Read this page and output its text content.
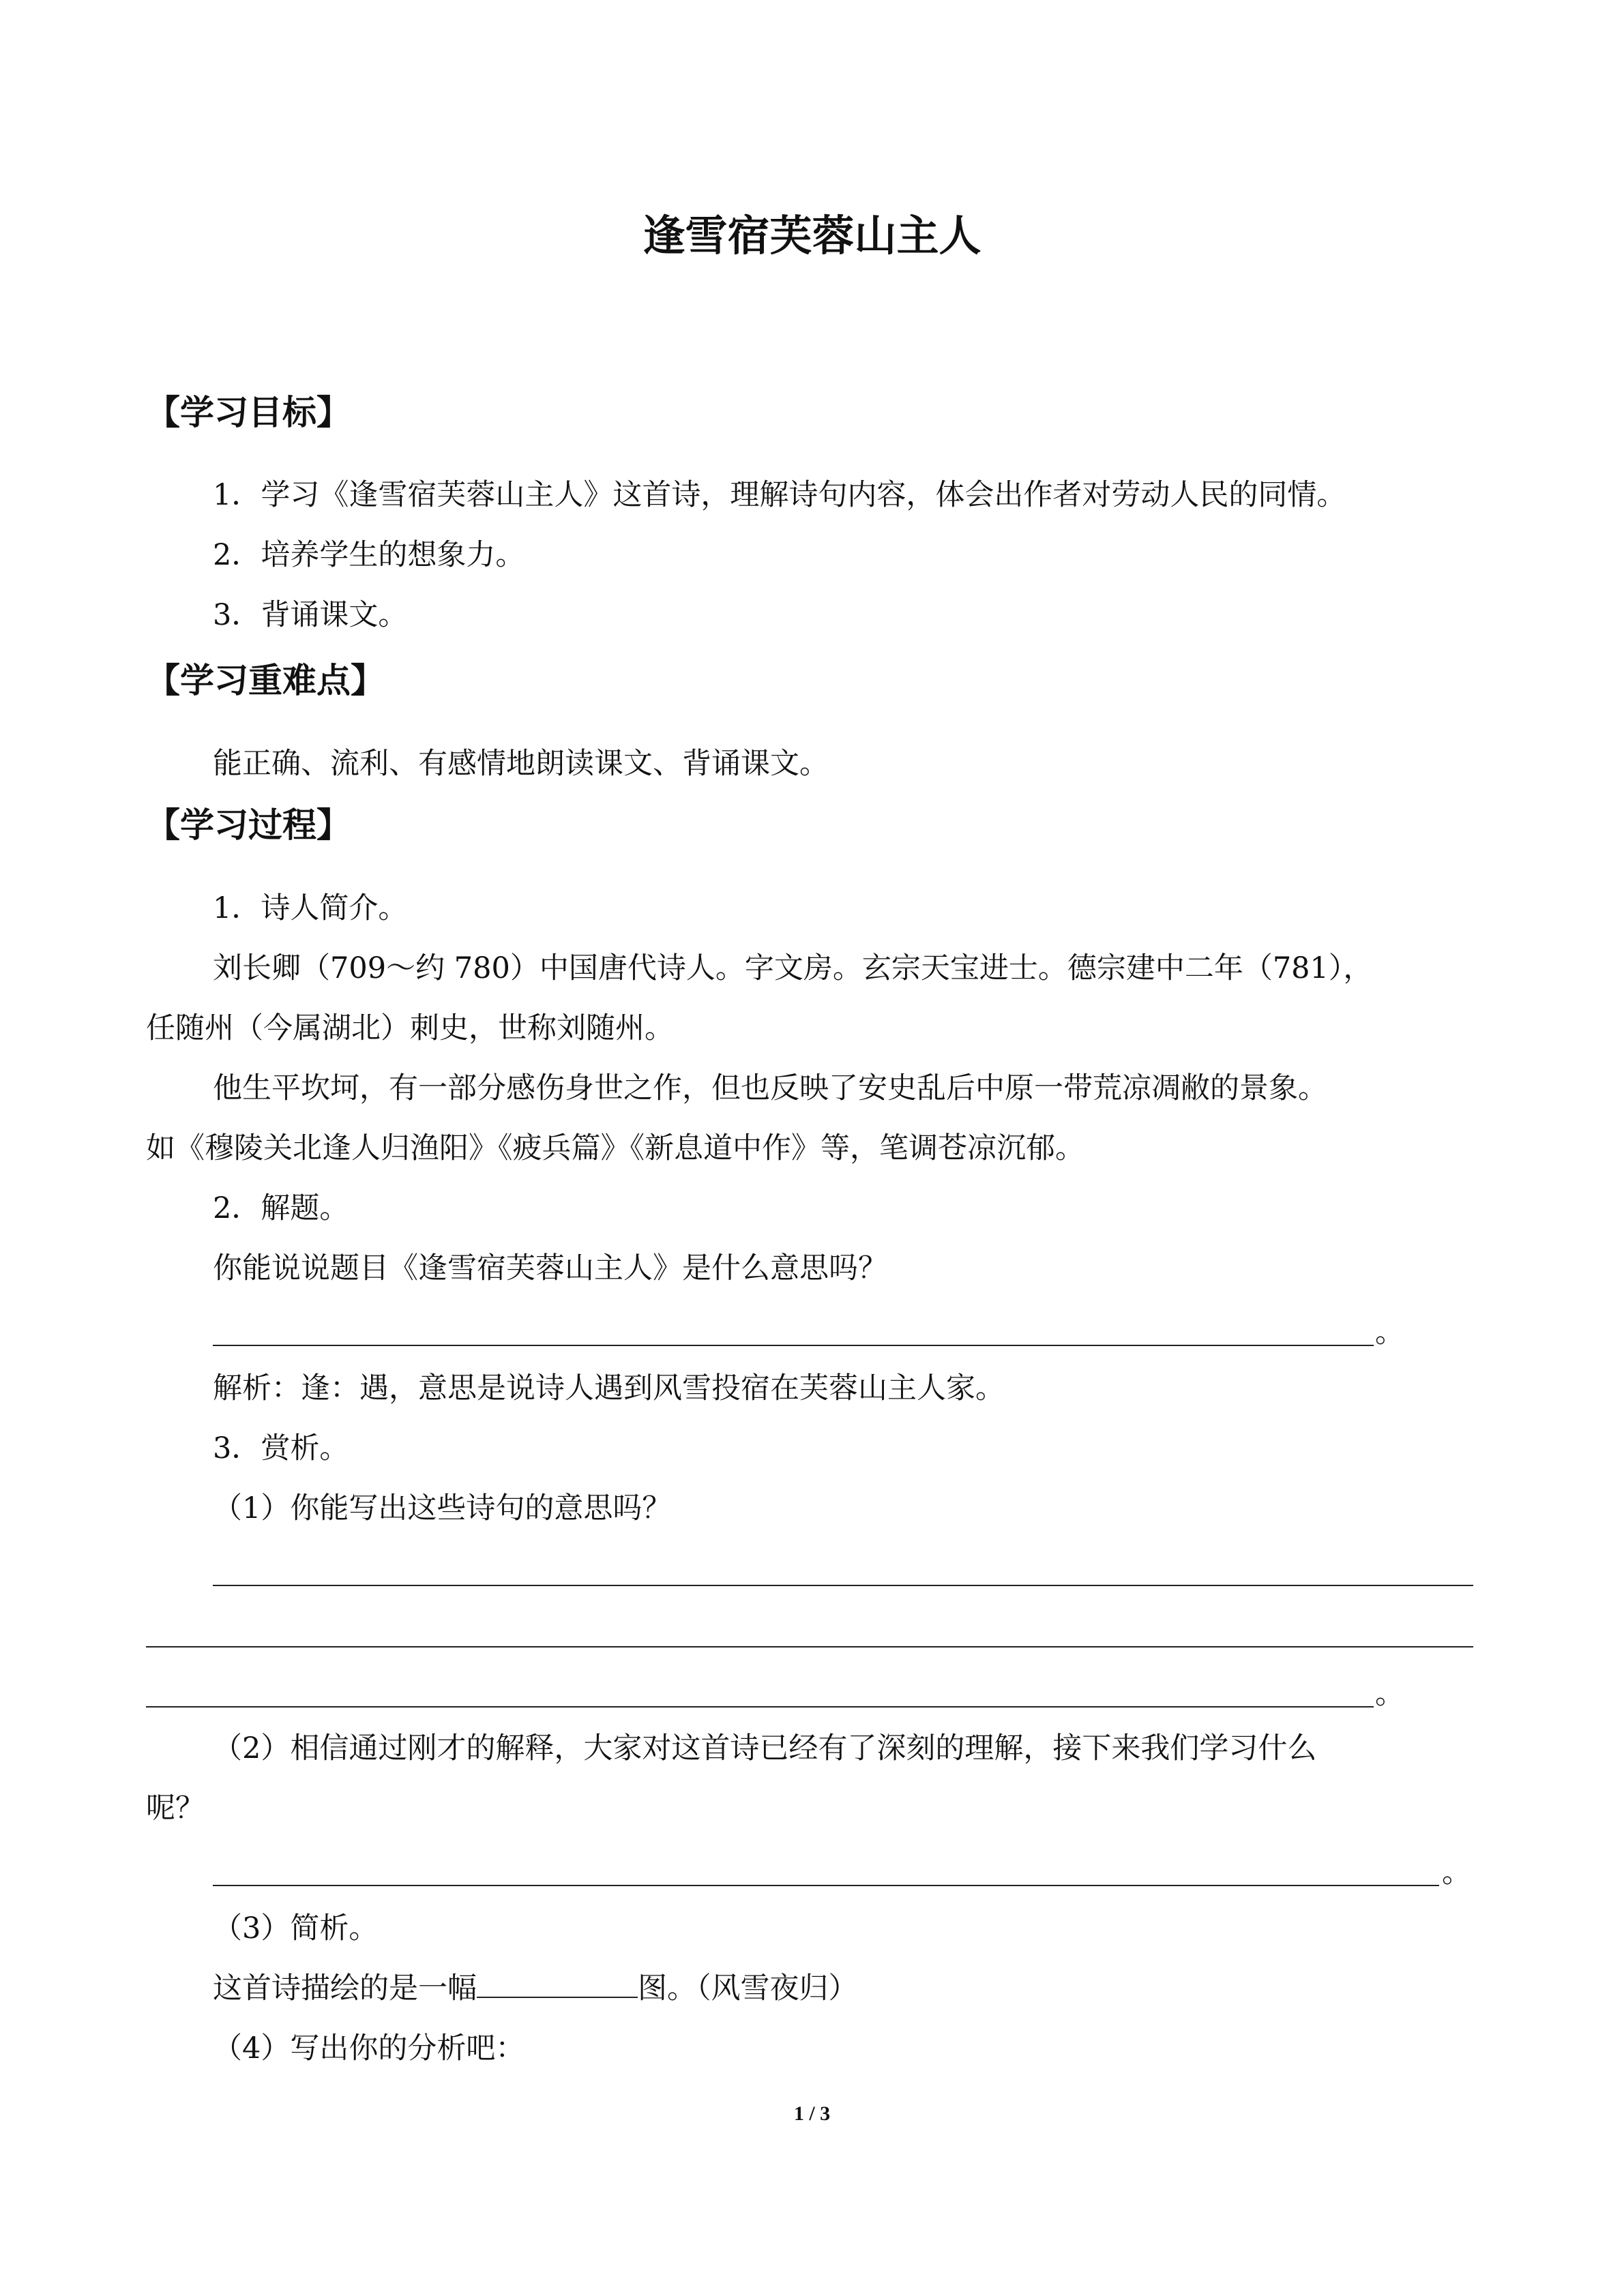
逢雪宿芙蓉山主人
【学习目标】
1．学习《逢雪宿芙蓉山主人》这首诗，理解诗句内容，体会出作者对劳动人民的同情。
2．培养学生的想象力。
3．背诵课文。
【学习重难点】
能正确、流利、有感情地朗读课文、背诵课文。
【学习过程】
1．诗人简介。
刘长卿（709～约 780）中国唐代诗人。字文房。玄宗天宝进士。德宗建中二年（781），
任随州（今属湖北）刺史，世称刘随州。
他生平坎坷，有一部分感伤身世之作，但也反映了安史乱后中原一带荒凉凋敝的景象。
如《穆陵关北逢人归渔阳》《疲兵篇》《新息道中作》等，笔调苍凉沉郁。
2．解题。
你能说说题目《逢雪宿芙蓉山主人》是什么意思吗？
。
解析：逢：遇，意思是说诗人遇到风雪投宿在芙蓉山主人家。
3．赏析。
（1）你能写出这些诗句的意思吗？
。
（2）相信通过刚才的解释，大家对这首诗已经有了深刻的理解，接下来我们学习什么
呢？
。
（3）简析。
这首诗描绘的是一幅	图。（风雪夜归）
（4）写出你的分析吧：
1 / 3
